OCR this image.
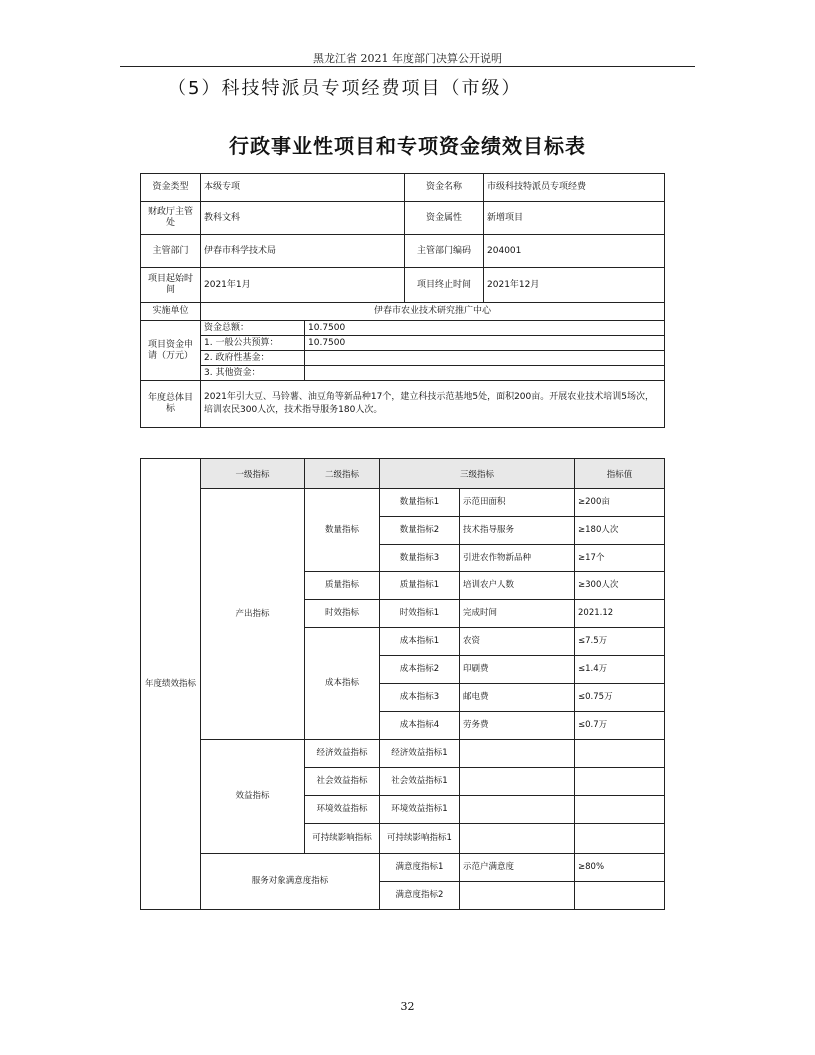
黑龙江省 2021 年度部门决算公开说明
（5）科技特派员专项经费项目（市级）
行政事业性项目和专项资金绩效目标表
资金类型	本级专项		资金名称	市级科技特派员专项经费
财政厅主管处	教科文科		资金属性	新增项目
主管部门	伊春市科学技术局		主管部门编码	204001
项目起始时间	2021年1月		项目终止时间	2021年12月
实施单位	伊春市农业技术研究推广中心			
项目资金申请（万元）	资金总额：	10.7500		
	1. 一般公共预算：	10.7500		
	2. 政府性基金：			
	3. 其他资金：			
年度总体目标	2021年引大豆、马铃薯、油豆角等新品种17个，建立科技示范基地5处，面积200亩。开展农业技术培训5场次，培训农民300人次，技术指导服务180人次。			
年度绩效指标	一级指标	二级指标	三级指标		指标值
	产出指标	数量指标	数量指标1	示范田面积	≥200亩
			数量指标2	技术指导服务	≥180人次
			数量指标3	引进农作物新品种	≥17个
		质量指标	质量指标1	培训农户人数	≥300人次
		时效指标	时效指标1	完成时间	2021.12
		成本指标	成本指标1	农资	≤7.5万
			成本指标2	印刷费	≤1.4万
			成本指标3	邮电费	≤0.75万
			成本指标4	劳务费	≤0.7万
	效益指标	经济效益指标	经济效益指标1		
		社会效益指标	社会效益指标1		
		环境效益指标	环境效益指标1		
		可持续影响指标	可持续影响指标1		
	服务对象满意度指标		满意度指标1	示范户满意度	≥80%
			满意度指标2		
32
